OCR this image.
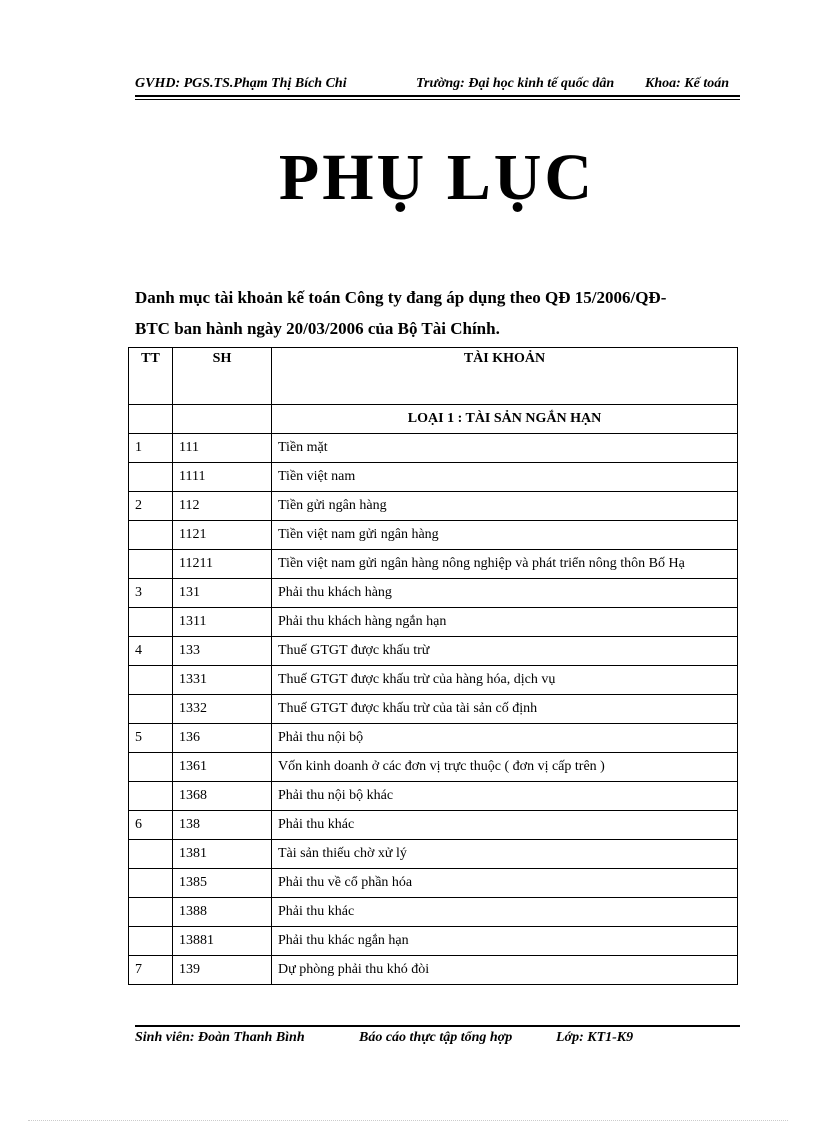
GVHD: PGS.TS.Phạm Thị Bích Chi	Trường: Đại học kinh tế quốc dân Khoa: Kế toán
PHỤ LỤC
Danh mục tài khoản kế toán Công ty đang áp dụng theo QĐ 15/2006/QĐ-
BTC ban hành ngày 20/03/2006 của Bộ Tài Chính.
TT	SH	TÀI KHOẢN
		LOẠI 1 : TÀI SẢN NGẮN HẠN
1	111	Tiền mặt
	1111	Tiền việt nam
2	112	Tiền gửi ngân hàng
	1121	Tiền việt nam gửi ngân hàng
	11211	Tiền việt nam gửi ngân hàng nông nghiệp và phát triển nông thôn Bố Hạ
3	131	Phải thu khách hàng
	1311	Phải thu khách hàng ngắn hạn
4	133	Thuế GTGT được khấu trừ
	1331	Thuế GTGT được khấu trừ của hàng hóa, dịch vụ
	1332	Thuế GTGT được khấu trừ của tài sản cố định
5	136	Phải thu nội bộ
	1361	Vốn kinh doanh ở các đơn vị trực thuộc ( đơn vị cấp trên )
	1368	Phải thu nội bộ khác
6	138	Phải thu khác
	1381	Tài sản thiếu chờ xử lý
	1385	Phải thu về cổ phần hóa
	1388	Phải thu khác
	13881	Phải thu khác ngắn hạn
7	139	Dự phòng phải thu khó đòi
Sinh viên: Đoàn Thanh Bình	Báo cáo thực tập tổng hợp	Lớp: KT1-K9
